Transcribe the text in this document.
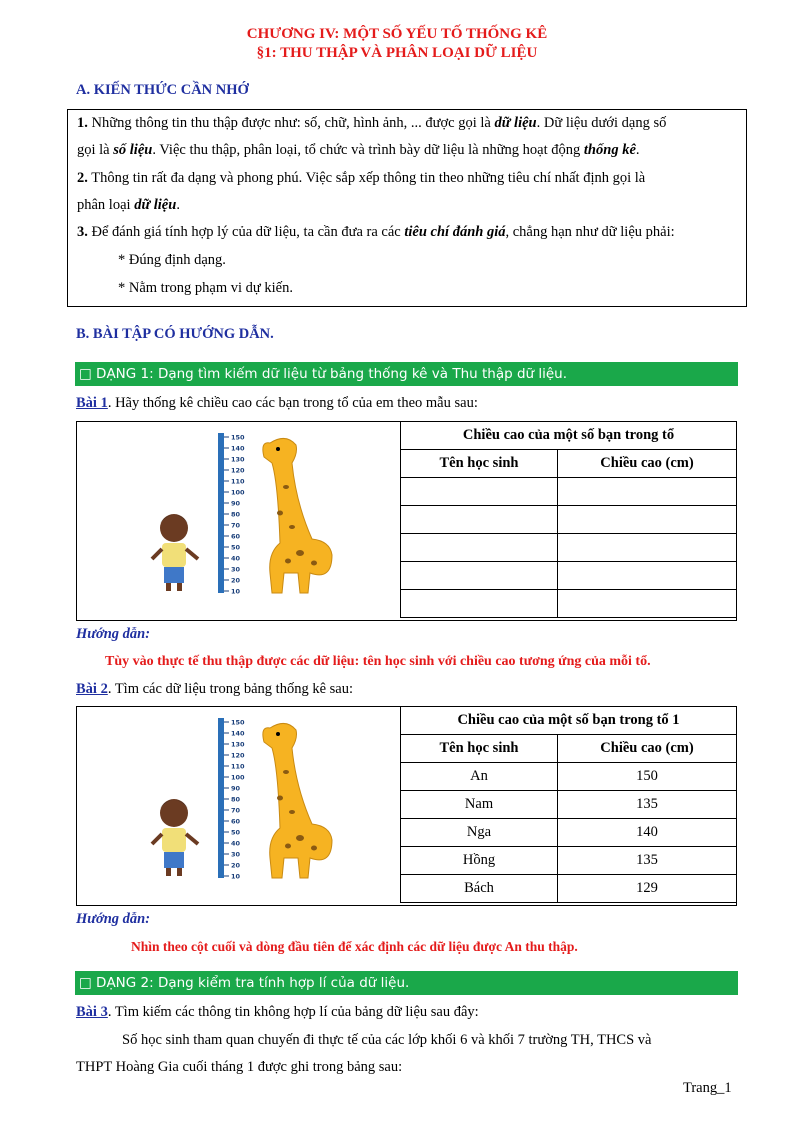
CHƯƠNG IV: MỘT SỐ YẾU TỐ THỐNG KÊ
§1: THU THẬP VÀ PHÂN LOẠI DỮ LIỆU
A. KIẾN THỨC CẦN NHỚ

1. Những thông tin thu thập được như: số, chữ, hình ảnh, ... được gọi là dữ liệu. Dữ liệu dưới dạng số

gọi là số liệu. Việc thu thập, phân loại, tổ chức và trình bày dữ liệu là những hoạt động thống kê.

2. Thông tin rất đa dạng và phong phú. Việc sắp xếp thông tin theo những tiêu chí nhất định gọi là

phân loại dữ liệu.

3. Để đánh giá tính hợp lý của dữ liệu, ta cần đưa ra các tiêu chí đánh giá, chẳng hạn như dữ liệu phải:

* Đúng định dạng.

* Nằm trong phạm vi dự kiến.

B. BÀI TẬP CÓ HƯỚNG DẪN.
□ DẠNG 1: Dạng tìm kiếm dữ liệu từ bảng thống kê và Thu thập dữ liệu.
Bài 1. Hãy thống kê chiều cao các bạn trong tổ của em theo mẫu sau:
150
140
130
120
110
100
90
80
70
60
50
40
30
20
10
Chiều cao của một số bạn trong tổ	
Tên học sinh	Chiều cao (cm)

Hướng dẫn:
Tùy vào thực tế thu thập được các dữ liệu: tên học sinh với chiều cao tương ứng của mỗi tổ.
Bài 2. Tìm các dữ liệu trong bảng thống kê sau:
150
140
130
120
110
100
90
80
70
60
50
40
30
20
10
Chiều cao của một số bạn trong tổ 1	
Tên học sinh	Chiều cao (cm)
An	150
Nam	135
Nga	140
Hồng	135
Bách	129
Hướng dẫn:
Nhìn theo cột cuối và dòng đầu tiên để xác định các dữ liệu được An thu thập.
□ DẠNG 2: Dạng kiểm tra tính hợp lí của dữ liệu.
Bài 3. Tìm kiếm các thông tin không hợp lí của bảng dữ liệu sau đây:
Số học sinh tham quan chuyến đi thực tế của các lớp khối 6 và khối 7 trường TH, THCS và
THPT Hoàng Gia cuối tháng 1 được ghi trong bảng sau:
Trang_1
